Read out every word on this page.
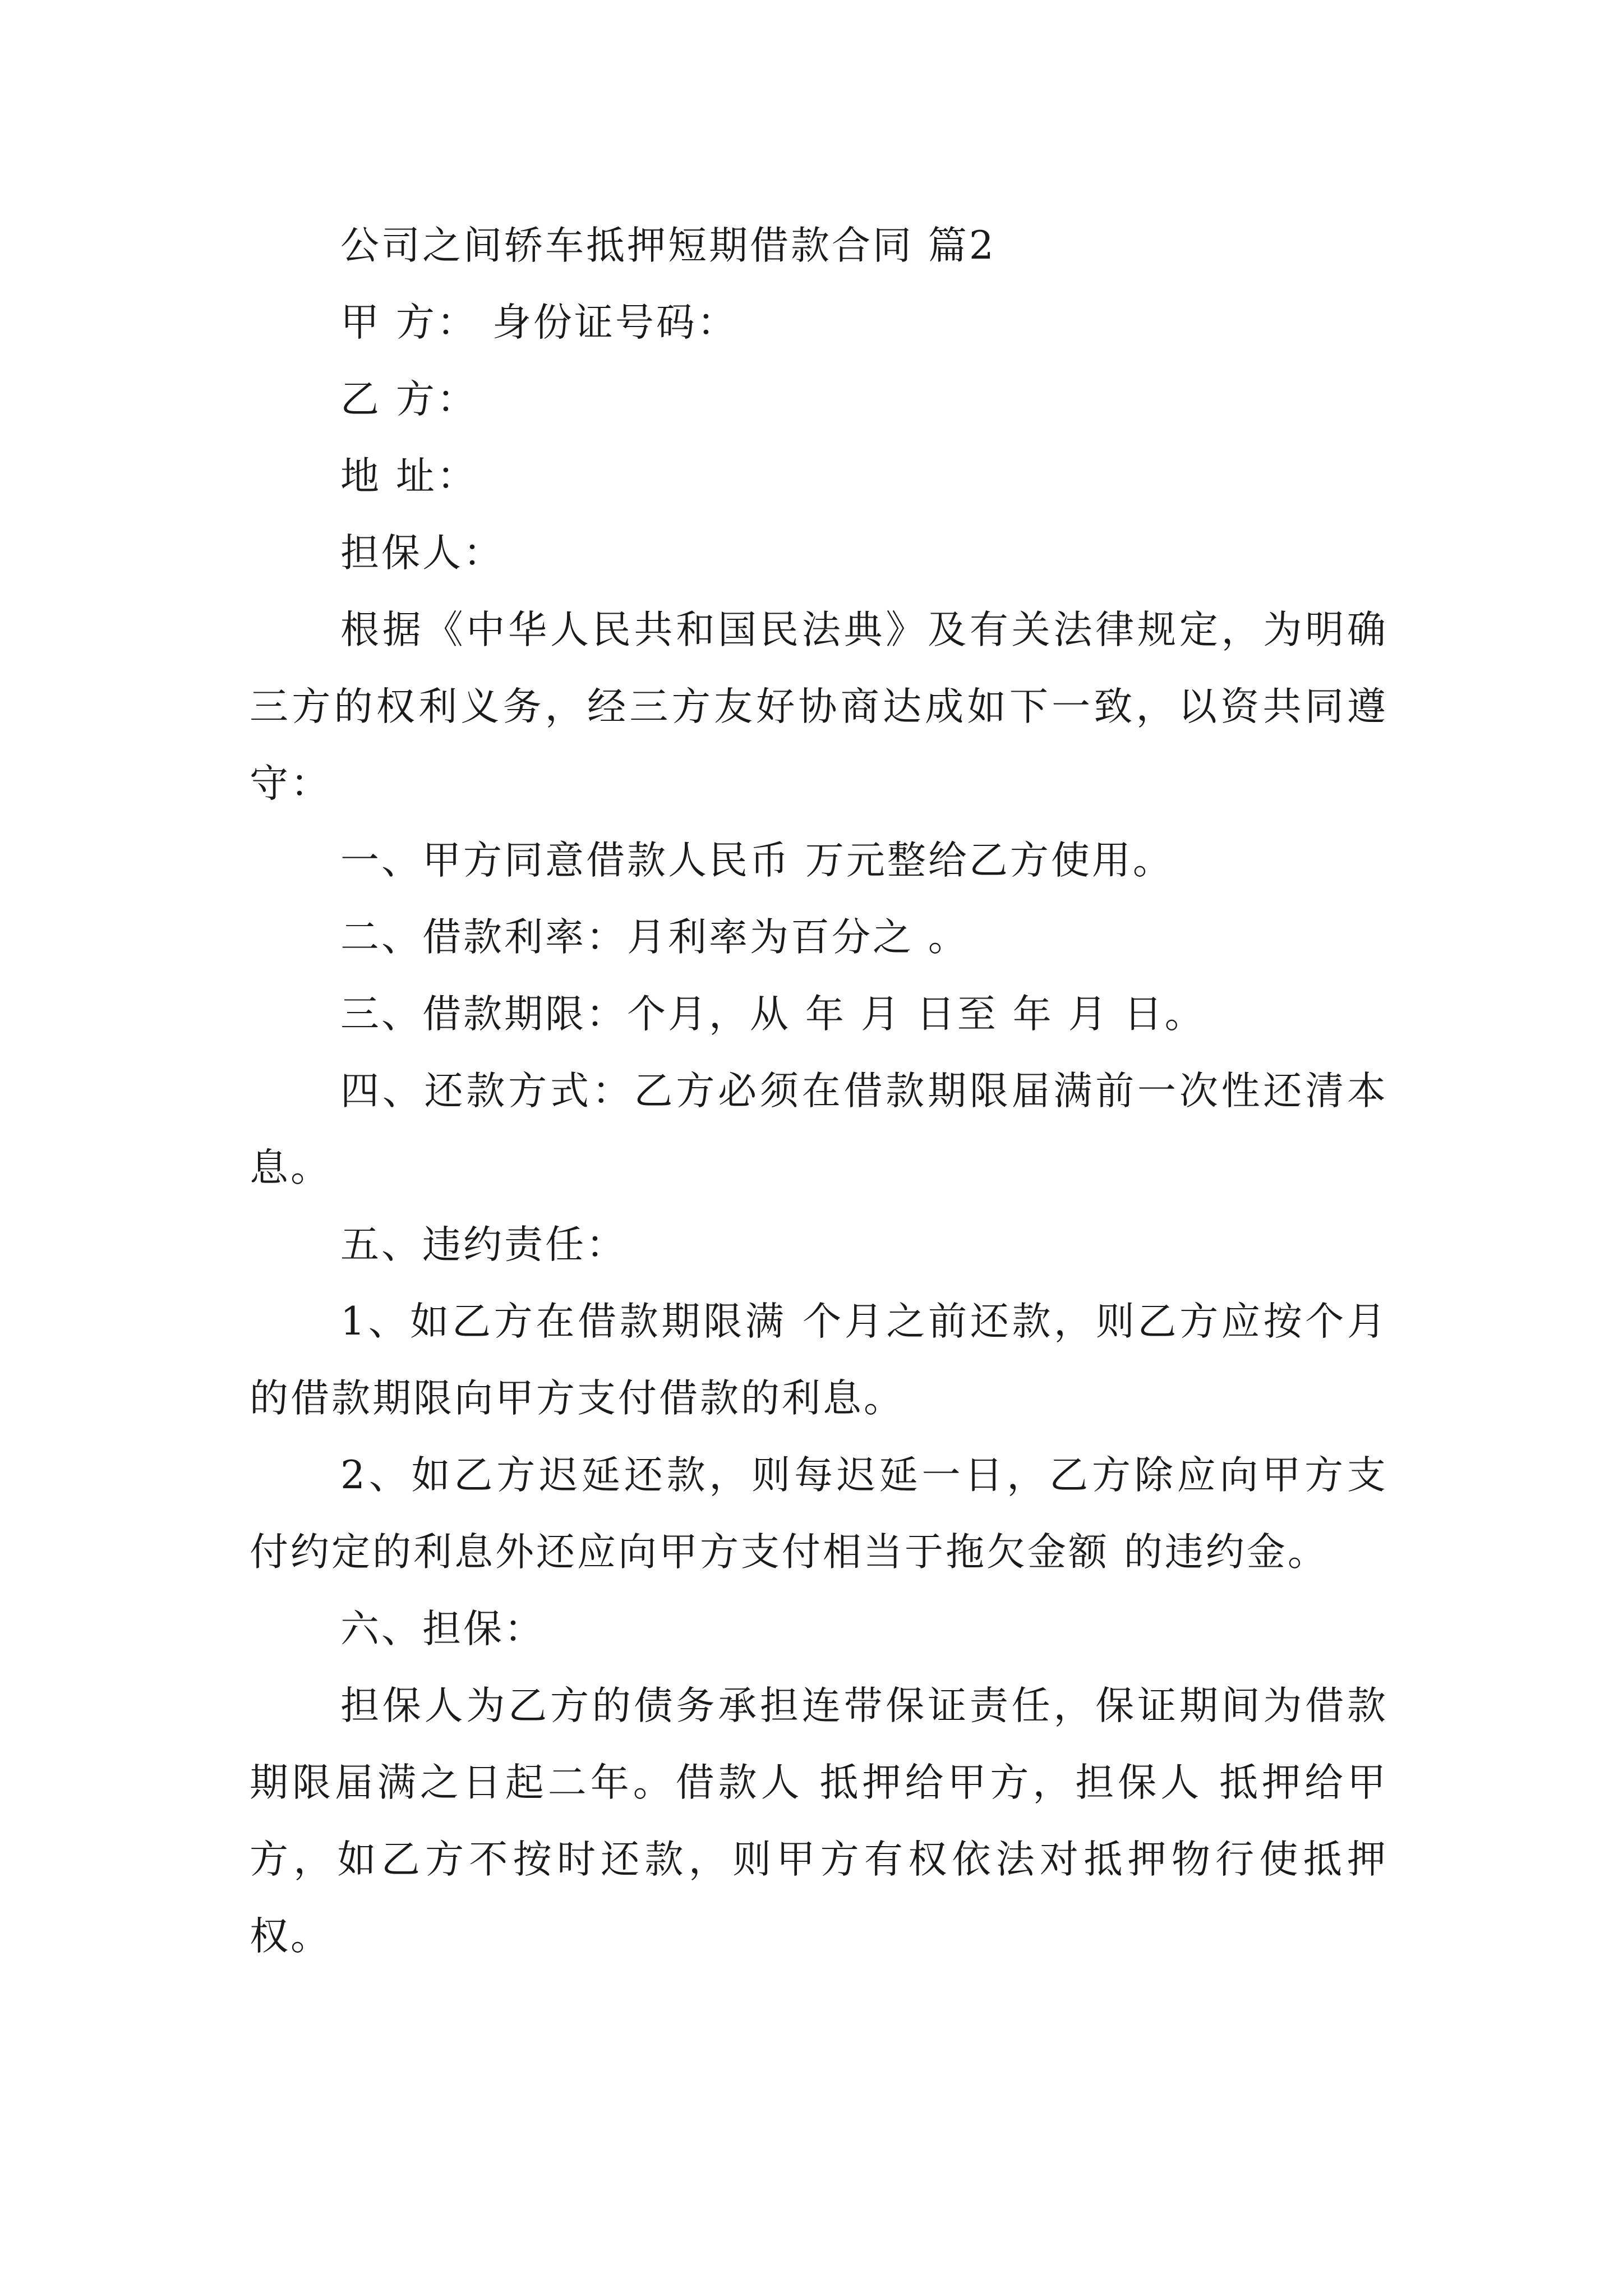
公司之间轿车抵押短期借款合同 篇2

甲 方： 身份证号码：

乙 方：

地 址：

担保人：

根据《中华人民共和国民法典》及有关法律规定，为明确三方的权利义务，经三方友好协商达成如下一致，以资共同遵守：

一、甲方同意借款人民币 万元整给乙方使用。

二、借款利率：月利率为百分之 。

三、借款期限：个月，从 年 月 日至 年 月 日。

四、还款方式：乙方必须在借款期限届满前一次性还清本息。

五、违约责任：

1、如乙方在借款期限满 个月之前还款，则乙方应按个月的借款期限向甲方支付借款的利息。

2、如乙方迟延还款，则每迟延一日，乙方除应向甲方支付约定的利息外还应向甲方支付相当于拖欠金额 的违约金。

六、担保：

担保人为乙方的债务承担连带保证责任，保证期间为借款期限届满之日起二年。借款人 抵押给甲方，担保人 抵押给甲方，如乙方不按时还款，则甲方有权依法对抵押物行使抵押权。
